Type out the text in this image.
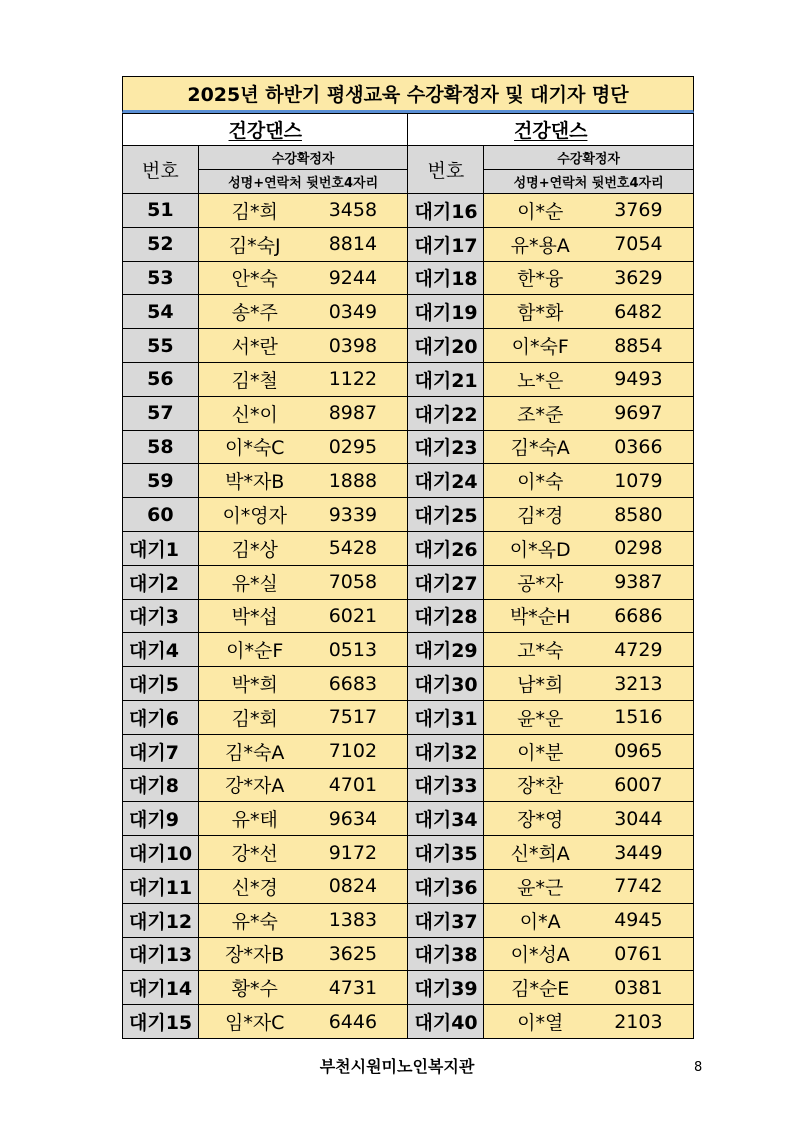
2025년 하반기 평생교육 수강확정자 및 대기자 명단
건강댄스		건강댄스	
번호	수강확정자	번호	수강확정자
	성명+연락처 뒷번호4자리		성명+연락처 뒷번호4자리
51	김*희 3458	대기16	이*순 3769

52	김*숙J 8814	대기17	유*용A 7054

53	안*숙 9244	대기18	한*융 3629

54	송*주 0349	대기19	함*화 6482

55	서*란 0398	대기20	이*숙F 8854

56	김*철 1122	대기21	노*은 9493

57	신*이 8987	대기22	조*준 9697

58	이*숙C 0295	대기23	김*숙A 0366

59	박*자B 1888	대기24	이*숙 1079

60	이*영자 9339	대기25	김*경 8580

대기1	김*상 5428	대기26	이*옥D 0298

대기2	유*실 7058	대기27	공*자 9387

대기3	박*섭 6021	대기28	박*순H 6686

대기4	이*순F 0513	대기29	고*숙 4729

대기5	박*희 6683	대기30	남*희 3213

대기6	김*회 7517	대기31	윤*운 1516

대기7	김*숙A 7102	대기32	이*분 0965

대기8	강*자A 4701	대기33	장*찬 6007

대기9	유*태 9634	대기34	장*영 3044

대기10	강*선 9172	대기35	신*희A 3449

대기11	신*경 0824	대기36	윤*근 7742

대기12	유*숙 1383	대기37	이*A 4945

대기13	장*자B 3625	대기38	이*성A 0761

대기14	황*수 4731	대기39	김*순E 0381

대기15	임*자C 6446	대기40	이*열 2103
부천시원미노인복지관	8
